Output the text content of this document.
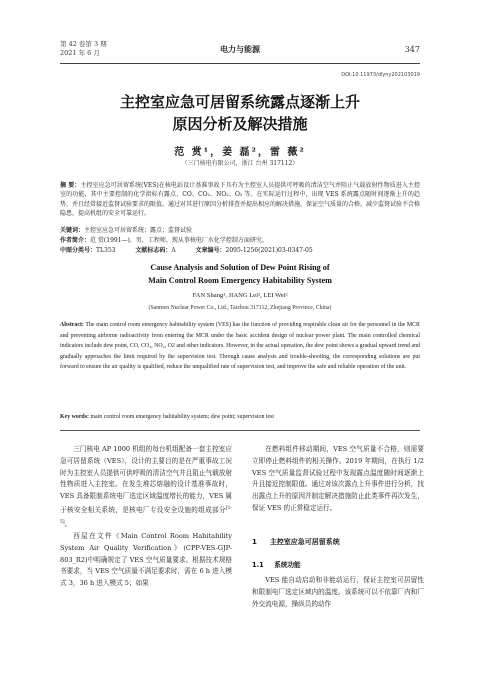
第 42 卷第 3 期
2021 年 6 月	电力与能源	347
DOI:10.11973/dlyny202103019
主控室应急可居留系统露点逐渐上升
原因分析及解决措施
范 赏¹，姜 磊²，雷 薇²
（三门核电有限公司，浙江 台州 317112）
摘 要：主控室应急可居留系统(VES)在核电站设计基准事故下具有为主控室人员提供可呼吸的清洁空气并阻止气载放射性物质进入主控室的功能，其中主要控制的化学指标有露点、CO、CO₂、NO₂、O₂ 等。在实际运行过程中，出现 VES 系统露点随时间逐渐上升的趋势，并且经常接近监督试验要求的限值。通过对其进行原因分析排查并提出相应的解决措施，保证空气质量的合格，减少监督试验不合格隐患，提高机组的安全可靠运行。
关键词：主控室应急可居留系统；露点；监督试验
作者简介：范 赏(1991—)，男，工程师，现从事核电厂水化学控制方面研究。
中图分类号：TL353	文献标志码：A	文章编号：2095-1256(2021)03-0347-05
Cause Analysis and Solution of Dew Point Rising of
Main Control Room Emergency Habitability System
FAN Shang¹, JIANG Lei², LEI Wei²
(Sanmen Nuclear Power Co., Ltd., Taizhou 317112, Zhejiang Province, China)
Abstract: The main control room emergency habitability system (VES) has the function of providing respirable clean air for the personnel in the MCR and preventing airborne radioactivity from entering the MCR under the basic accident design of nuclear power plant. The main controlled chemical indicators include dew point, CO, CO₂, NO₂, O2 and other indicators. However, in the actual operation, the dew point shows a gradual upward trend and gradually approaches the limit required by the supervision test. Through cause analysis and trouble-shooting, the corresponding solutions are put forward to ensure the air quality is qualified, reduce the unqualified rate of supervision test, and improve the safe and reliable operation of the unit.
Key words: main control room emergency habitability system; dew point; supervision test

三门核电 AP 1000 机组的每台机组配备一套主控室应急可居留系统（VES），设计的主要目的是在严重事故工况时为主控室人员提供可供呼吸的清洁空气并且阻止气载放射性物质进入主控室。在发生堆芯熔融的设计基准事故时，VES 具备限制系统电厂选定区域温度增长的能力，VES 属于核安全相关系统，是核电厂专设安全设施的组成部分[1-5]。

西屋在文件《Main Control Room Habitability System Air Quality Verification》(CPP-VES-GJP-803_R2)中明确规定了 VES 空气质量要求。根据技术规格书要求，当 VES 空气质量不满足要求时，需在 6 h 进入模式 3，36 h 进入模式 5；如果

在燃料组件移动期间，VES 空气质量不合格，则需要立即停止燃料组件的相关操作。2019 年期间，在执行 1/2 VES 空气质量监督试验过程中发现露点温度随时间逐渐上升且接近控制限值。通过对该次露点上升事件进行分析，找出露点上升的原因并制定解决措施防止此类事件再次发生，保证 VES 的正常稳定运行。

1 主控室应急可居留系统
1.1 系统功能
VES 能自动启动和非能动运行，保证主控室可居留性和限制电厂选定区域内的温度。该系统可以不依靠厂内和厂外交流电源，操纵员的动作
